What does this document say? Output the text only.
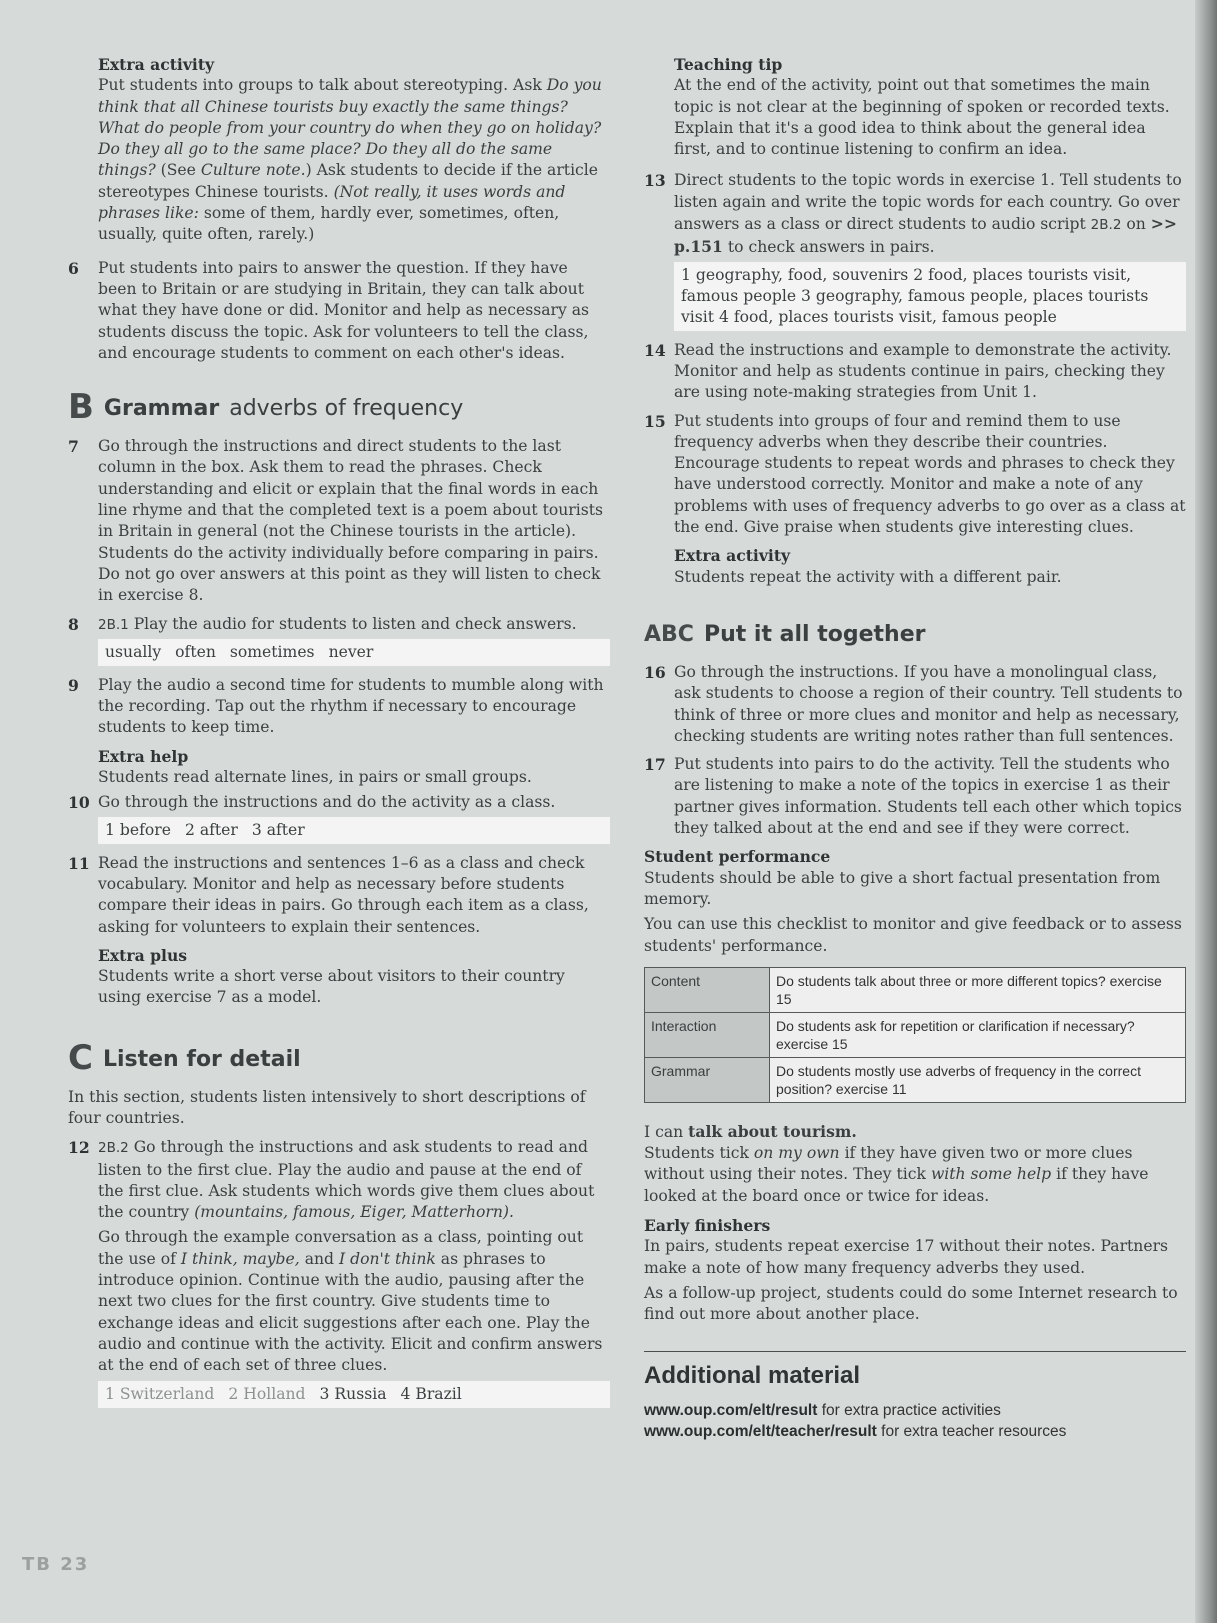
Extra activity

Put students into groups to talk about stereotyping. Ask Do you think that all Chinese tourists buy exactly the same things? What do people from your country do when they go on holiday? Do they all go to the same place? Do they all do the same things? (See Culture note.) Ask students to decide if the article stereotypes Chinese tourists. (Not really, it uses words and phrases like: some of them, hardly ever, sometimes, often, usually, quite often, rarely.)

6	Put students into pairs to answer the question. If they have been to Britain or are studying in Britain, they can talk about what they have done or did. Monitor and help as necessary as students discuss the topic. Ask for volunteers to tell the class, and encourage students to comment on each other's ideas.

B Grammar adverbs of frequency
7	Go through the instructions and direct students to the last column in the box. Ask them to read the phrases. Check understanding and elicit or explain that the final words in each line rhyme and that the completed text is a poem about tourists in Britain in general (not the Chinese tourists in the article). Students do the activity individually before comparing in pairs. Do not go over answers at this point as they will listen to check in exercise 8.

8	2B.1 Play the audio for students to listen and check answers.

usually often sometimes never
9	Play the audio a second time for students to mumble along with the recording. Tap out the rhythm if necessary to encourage students to keep time.

Extra help

Students read alternate lines, in pairs or small groups.

10 Go through the instructions and do the activity as a class.

1 before 2 after 3 after
11 Read the instructions and sentences 1–6 as a class and check vocabulary. Monitor and help as necessary before students compare their ideas in pairs. Go through each item as a class, asking for volunteers to explain their sentences.

Extra plus

Students write a short verse about visitors to their country using exercise 7 as a model.

C Listen for detail

In this section, students listen intensively to short descriptions of four countries.

12 2B.2 Go through the instructions and ask students to read and listen to the first clue. Play the audio and pause at the end of the first clue. Ask students which words give them clues about the country (mountains, famous, Eiger, Matterhorn).

Go through the example conversation as a class, pointing out the use of I think, maybe, and I don't think as phrases to introduce opinion. Continue with the audio, pausing after the next two clues for the first country. Give students time to exchange ideas and elicit suggestions after each one. Play the audio and continue with the activity. Elicit and confirm answers at the end of each set of three clues.

1 Switzerland 2 Holland 3 Russia 4 Brazil

Teaching tip

At the end of the activity, point out that sometimes the main topic is not clear at the beginning of spoken or recorded texts. Explain that it's a good idea to think about the general idea first, and to continue listening to confirm an idea.

13 Direct students to the topic words in exercise 1. Tell students to listen again and write the topic words for each country. Go over answers as a class or direct students to audio script 2B.2 on >> p.151 to check answers in pairs.

1 geography, food, souvenirs 2 food, places tourists visit, famous people 3 geography, famous people, places tourists visit 4 food, places tourists visit, famous people
14 Read the instructions and example to demonstrate the activity. Monitor and help as students continue in pairs, checking they are using note-making strategies from Unit 1.

15 Put students into groups of four and remind them to use frequency adverbs when they describe their countries. Encourage students to repeat words and phrases to check they have understood correctly. Monitor and make a note of any problems with uses of frequency adverbs to go over as a class at the end. Give praise when students give interesting clues.

Extra activity

Students repeat the activity with a different pair.

ABC Put it all together
16 Go through the instructions. If you have a monolingual class, ask students to choose a region of their country. Tell students to think of three or more clues and monitor and help as necessary, checking students are writing notes rather than full sentences.

17 Put students into pairs to do the activity. Tell the students who are listening to make a note of the topics in exercise 1 as their partner gives information. Students tell each other which topics they talked about at the end and see if they were correct.

Student performance

Students should be able to give a short factual presentation from memory.

You can use this checklist to monitor and give feedback or to assess students' performance.

Content	Do students talk about three or more different topics? exercise 15
Interaction	Do students ask for repetition or clarification if necessary? exercise 15
Grammar	Do students mostly use adverbs of frequency in the correct position? exercise 11

I can talk about tourism.

Students tick on my own if they have given two or more clues without using their notes. They tick with some help if they have looked at the board once or twice for ideas.

Early finishers

In pairs, students repeat exercise 17 without their notes. Partners make a note of how many frequency adverbs they used.

As a follow-up project, students could do some Internet research to find out more about another place.

Additional material

www.oup.com/elt/result for extra practice activities

www.oup.com/elt/teacher/result for extra teacher resources

TB 23
